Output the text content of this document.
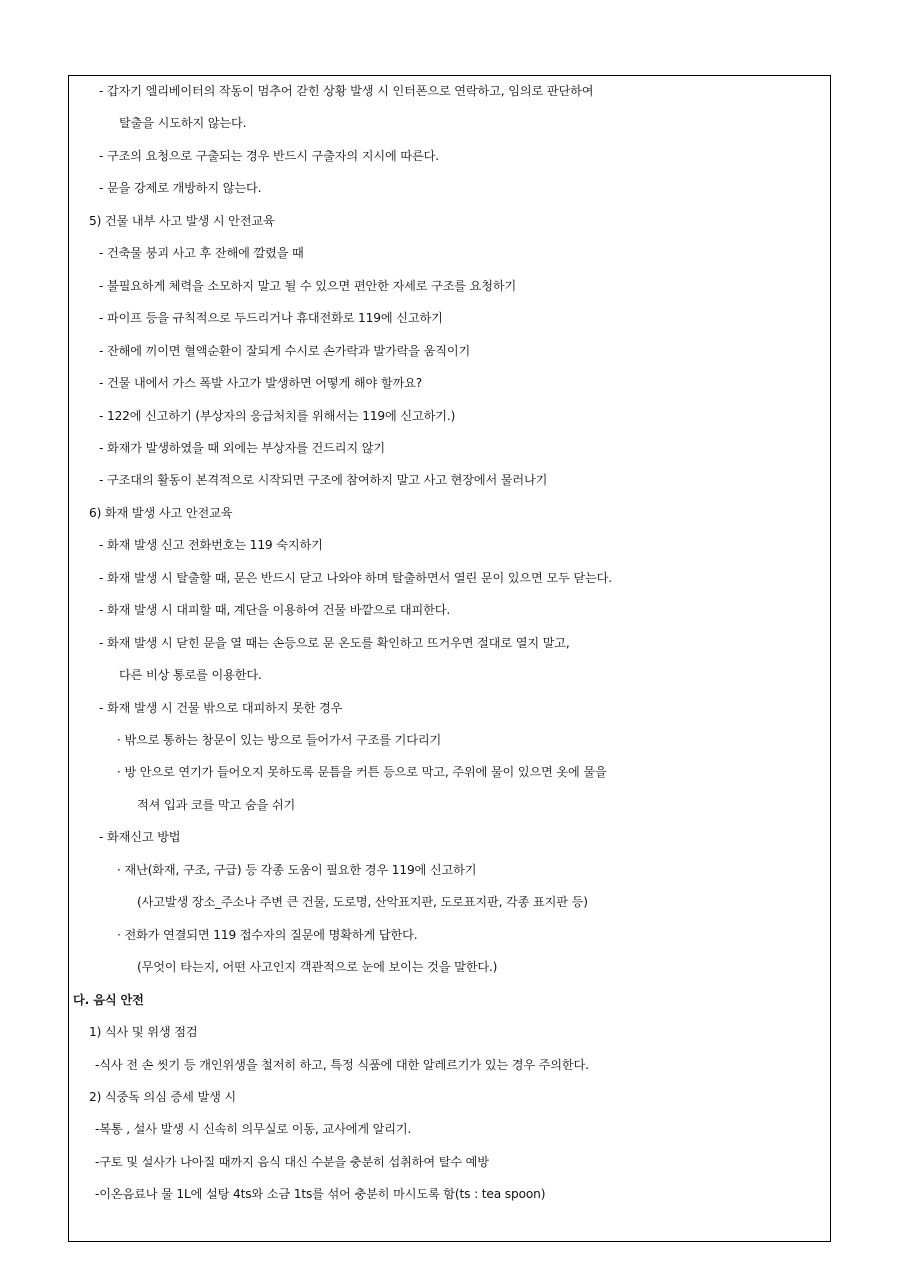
- 갑자기 엘리베이터의 작동이 멈추어 갇힌 상황 발생 시 인터폰으로 연락하고, 임의로 판단하여
탈출을 시도하지 않는다.
- 구조의 요청으로 구출되는 경우 반드시 구출자의 지시에 따른다.
- 문을 강제로 개방하지 않는다.
5) 건물 내부 사고 발생 시 안전교육
- 건축물 붕괴 사고 후 잔해에 깔렸을 때
- 불필요하게 체력을 소모하지 말고 될 수 있으면 편안한 자세로 구조를 요청하기
- 파이프 등을 규칙적으로 두드리거나 휴대전화로 119에 신고하기
- 잔해에 끼이면 혈액순환이 잘되게 수시로 손가락과 발가락을 움직이기
- 건물 내에서 가스 폭발 사고가 발생하면 어떻게 해야 할까요?
- 122에 신고하기 (부상자의 응급처치를 위해서는 119에 신고하기.)
- 화재가 발생하였을 때 외에는 부상자를 건드리지 않기
- 구조대의 활동이 본격적으로 시작되면 구조에 참여하지 말고 사고 현장에서 물러나기
6) 화재 발생 사고 안전교육
- 화재 발생 신고 전화번호는 119 숙지하기
- 화재 발생 시 탈출할 때, 문은 반드시 닫고 나와야 하며 탈출하면서 열린 문이 있으면 모두 닫는다.
- 화재 발생 시 대피할 때, 계단을 이용하여 건물 바깥으로 대피한다.
- 화재 발생 시 닫힌 문을 열 때는 손등으로 문 온도를 확인하고 뜨거우면 절대로 열지 말고,
다른 비상 통로를 이용한다.
- 화재 발생 시 건물 밖으로 대피하지 못한 경우
· 밖으로 통하는 창문이 있는 방으로 들어가서 구조를 기다리기
· 방 안으로 연기가 들어오지 못하도록 문틈을 커튼 등으로 막고, 주위에 물이 있으면 옷에 물을
적셔 입과 코를 막고 숨을 쉬기
- 화재신고 방법
· 재난(화재, 구조, 구급) 등 각종 도움이 필요한 경우 119에 신고하기
(사고발생 장소_주소나 주변 큰 건물, 도로명, 산악표지판, 도로표지판, 각종 표지판 등)
· 전화가 연결되면 119 접수자의 질문에 명확하게 답한다.
(무엇이 타는지, 어떤 사고인지 객관적으로 눈에 보이는 것을 말한다.)
다. 음식 안전
1) 식사 및 위생 점검
-식사 전 손 씻기 등 개인위생을 철저히 하고, 특정 식품에 대한 알레르기가 있는 경우 주의한다.
2) 식중독 의심 증세 발생 시
-복통 , 설사 발생 시 신속히 의무실로 이동, 교사에게 알리기.
-구토 및 설사가 나아질 때까지 음식 대신 수분을 충분히 섭취하여 탈수 예방
-이온음료나 물 1L에 설탕 4ts와 소금 1ts를 섞어 충분히 마시도록 함(ts : tea spoon)
